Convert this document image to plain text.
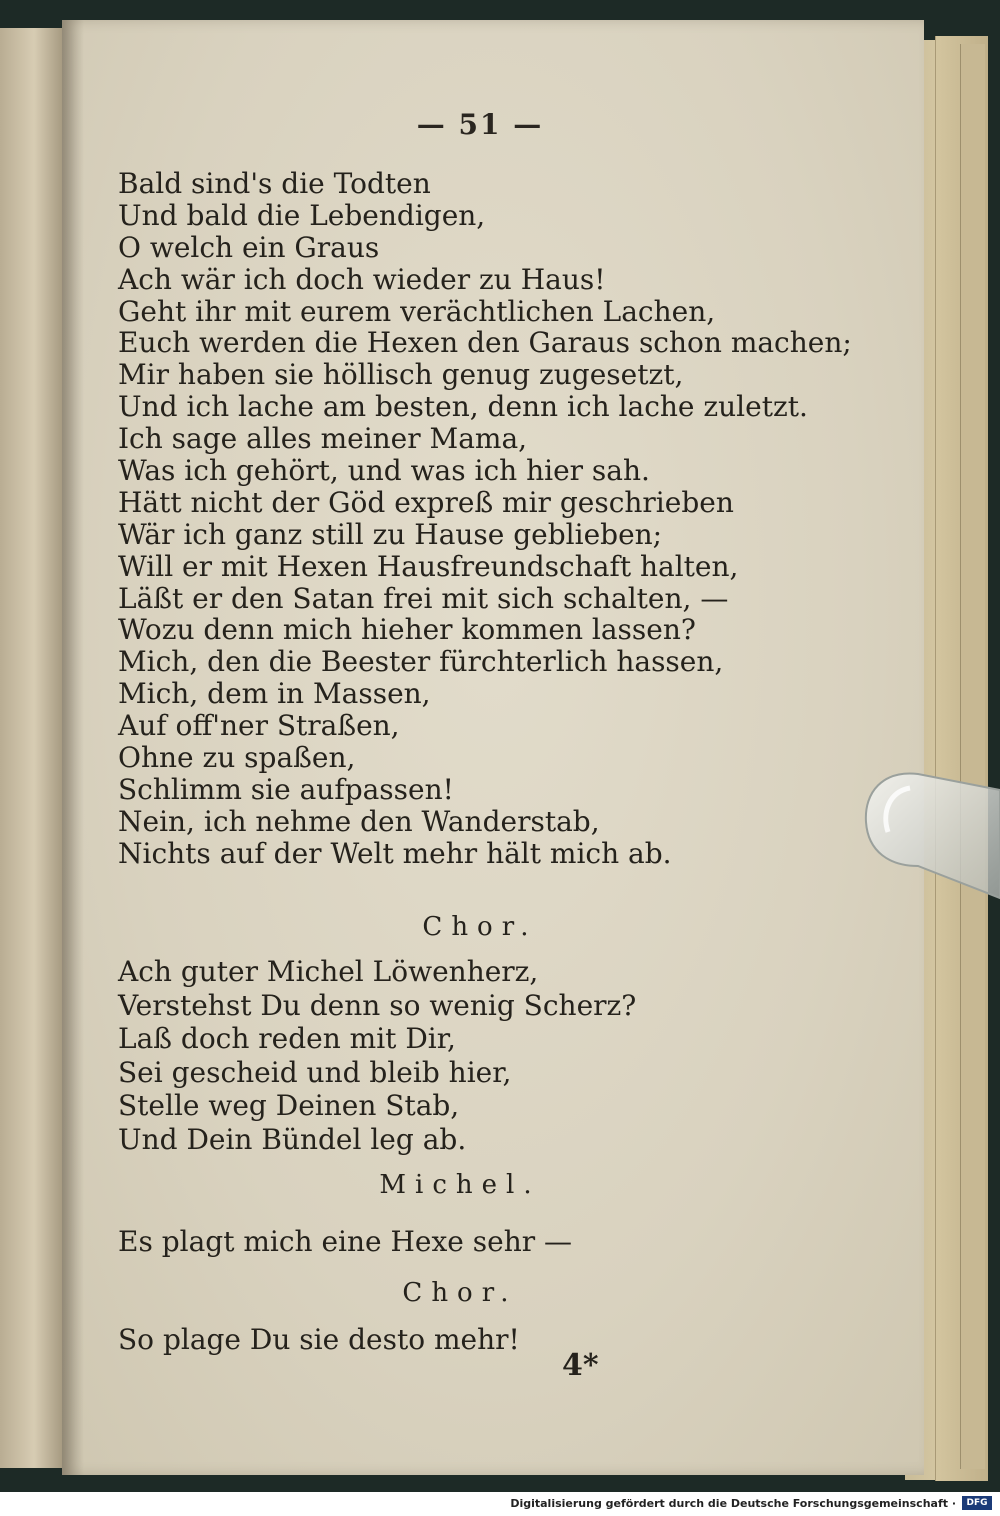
— 51 —
Bald sind's die Todten
Und bald die Lebendigen,
O welch ein Graus
Ach wär ich doch wieder zu Haus!
Geht ihr mit eurem verächtlichen Lachen,
Euch werden die Hexen den Garaus schon machen;
Mir haben sie höllisch genug zugesetzt,
Und ich lache am besten, denn ich lache zuletzt.
Ich sage alles meiner Mama,
Was ich gehört, und was ich hier sah.
Hätt nicht der Göd expreß mir geschrieben
Wär ich ganz still zu Hause geblieben;
Will er mit Hexen Hausfreundschaft halten,
Läßt er den Satan frei mit sich schalten, —
Wozu denn mich hieher kommen lassen?
Mich, den die Beester fürchterlich hassen,
Mich, dem in Massen,
Auf off'ner Straßen,
Ohne zu spaßen,
Schlimm sie aufpassen!
Nein, ich nehme den Wanderstab,
Nichts auf der Welt mehr hält mich ab.
Chor.
Ach guter Michel Löwenherz,
Verstehst Du denn so wenig Scherz?
Laß doch reden mit Dir,
Sei gescheid und bleib hier,
Stelle weg Deinen Stab,
Und Dein Bündel leg ab.
Michel.
Es plagt mich eine Hexe sehr —
Chor.
So plage Du sie desto mehr!
4*
Digitalisierung gefördert durch die Deutsche Forschungsgemeinschaft ·	DFG
